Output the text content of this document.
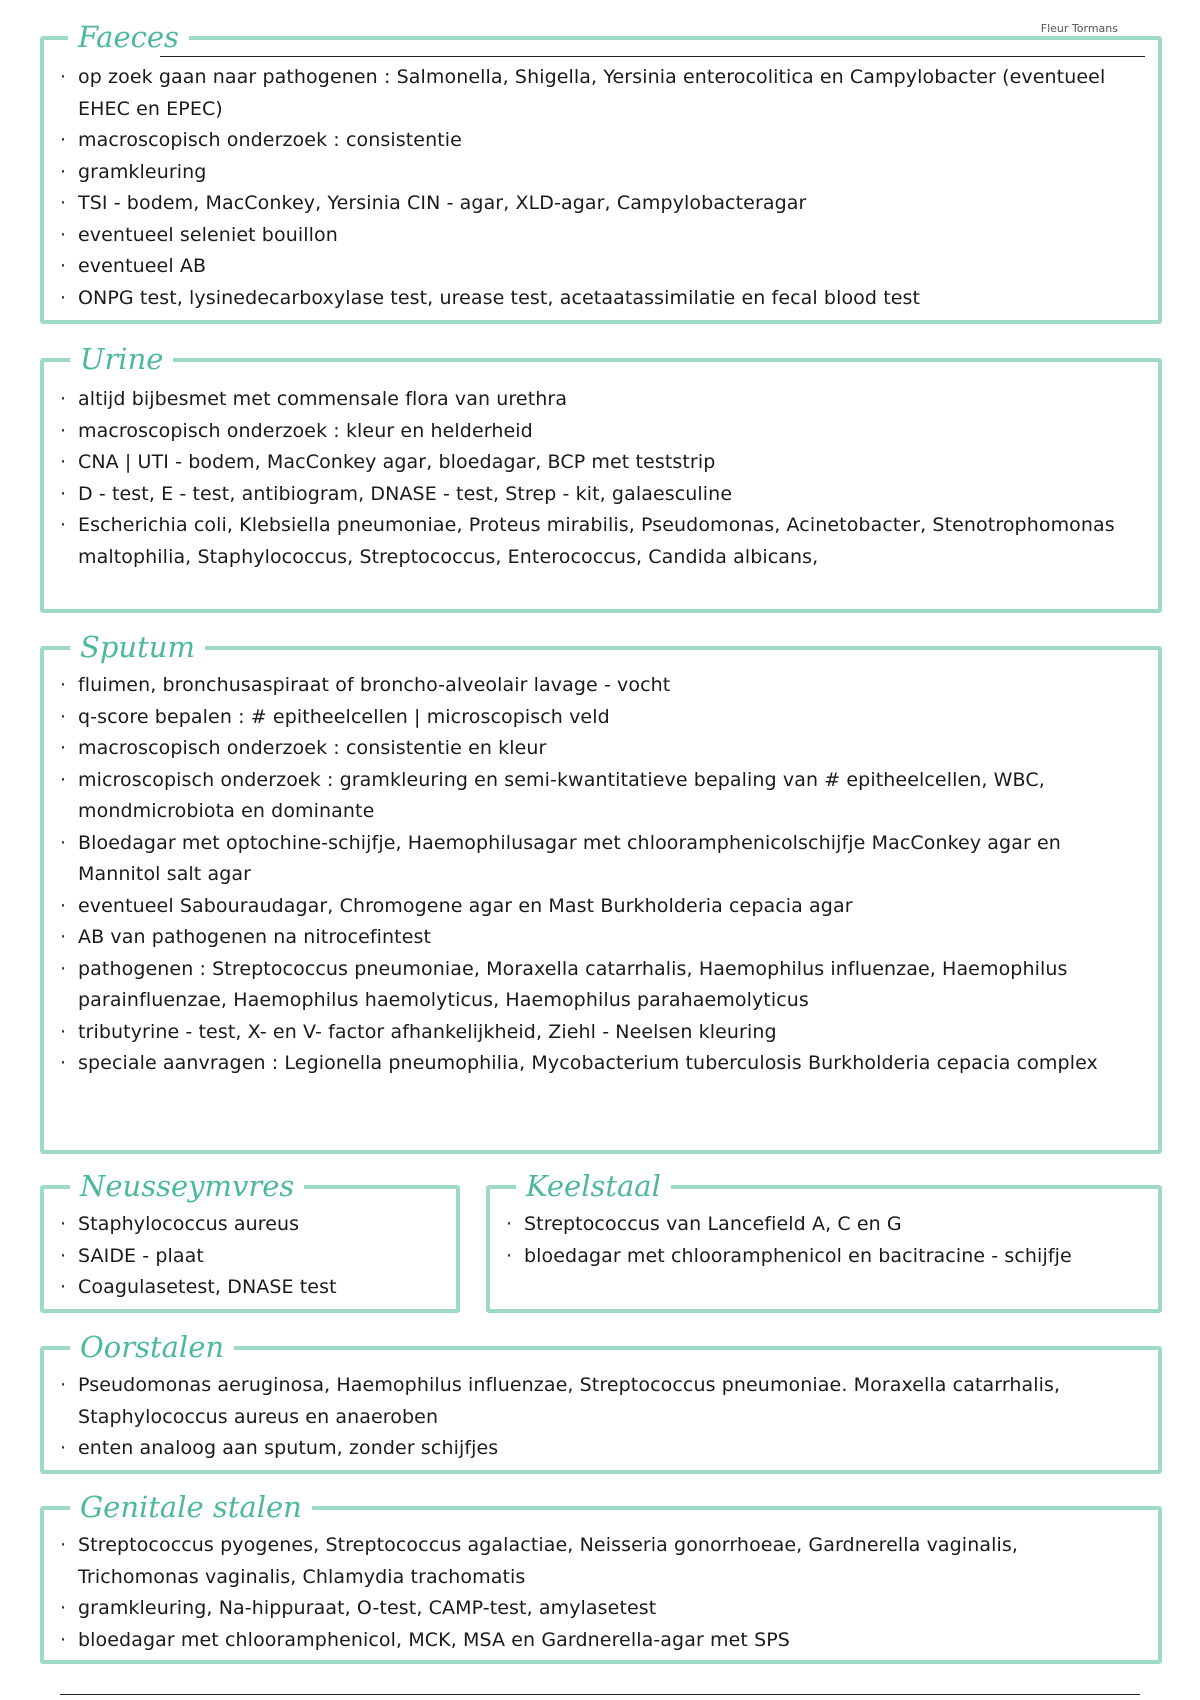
Fleur Tormans
Faeces
· op zoek gaan naar pathogenen : Salmonella, Shigella, Yersinia enterocolitica en Campylobacter (eventueel EHEC en EPEC)
· macroscopisch onderzoek : consistentie
· gramkleuring
· TSI - bodem, MacConkey, Yersinia CIN - agar, XLD-agar, Campylobacteragar
· eventueel seleniet bouillon
· eventueel AB
· ONPG test, lysinedecarboxylase test, urease test, acetaatassimilatie en fecal blood test
Urine
· altijd bijbesmet met commensale flora van urethra
· macroscopisch onderzoek : kleur en helderheid
· CNA | UTI - bodem, MacConkey agar, bloedagar, BCP met teststrip
· D - test, E - test, antibiogram, DNASE - test, Strep - kit, galaesculine
· Escherichia coli, Klebsiella pneumoniae, Proteus mirabilis, Pseudomonas, Acinetobacter, Stenotrophomonas maltophilia, Staphylococcus, Streptococcus, Enterococcus, Candida albicans,
Sputum
· fluimen, bronchusaspiraat of broncho-alveolair lavage - vocht
· q-score bepalen : # epitheelcellen | microscopisch veld
· macroscopisch onderzoek : consistentie en kleur
· microscopisch onderzoek : gramkleuring en semi-kwantitatieve bepaling van # epitheelcellen, WBC, mondmicrobiota en dominante
· Bloedagar met optochine-schijfje, Haemophilusagar met chlooramphenicolschijfje MacConkey agar en Mannitol salt agar
· eventueel Sabouraudagar, Chromogene agar en Mast Burkholderia cepacia agar
· AB van pathogenen na nitrocefintest
· pathogenen : Streptococcus pneumoniae, Moraxella catarrhalis, Haemophilus influenzae, Haemophilus parainfluenzae, Haemophilus haemolyticus, Haemophilus parahaemolyticus
· tributyrine - test, X- en V- factor afhankelijkheid, Ziehl - Neelsen kleuring
· speciale aanvragen : Legionella pneumophilia, Mycobacterium tuberculosis Burkholderia cepacia complex
Neusseymvres
· Staphylococcus aureus
· SAIDE - plaat
· Coagulasetest, DNASE test
Keelstaal
· Streptococcus van Lancefield A, C en G
· bloedagar met chlooramphenicol en bacitracine - schijfje
Oorstalen
· Pseudomonas aeruginosa, Haemophilus influenzae, Streptococcus pneumoniae. Moraxella catarrhalis, Staphylococcus aureus en anaeroben
· enten analoog aan sputum, zonder schijfjes
Genitale stalen
· Streptococcus pyogenes, Streptococcus agalactiae, Neisseria gonorrhoeae, Gardnerella vaginalis, Trichomonas vaginalis, Chlamydia trachomatis
· gramkleuring, Na-hippuraat, O-test, CAMP-test, amylasetest
· bloedagar met chlooramphenicol, MCK, MSA en Gardnerella-agar met SPS
